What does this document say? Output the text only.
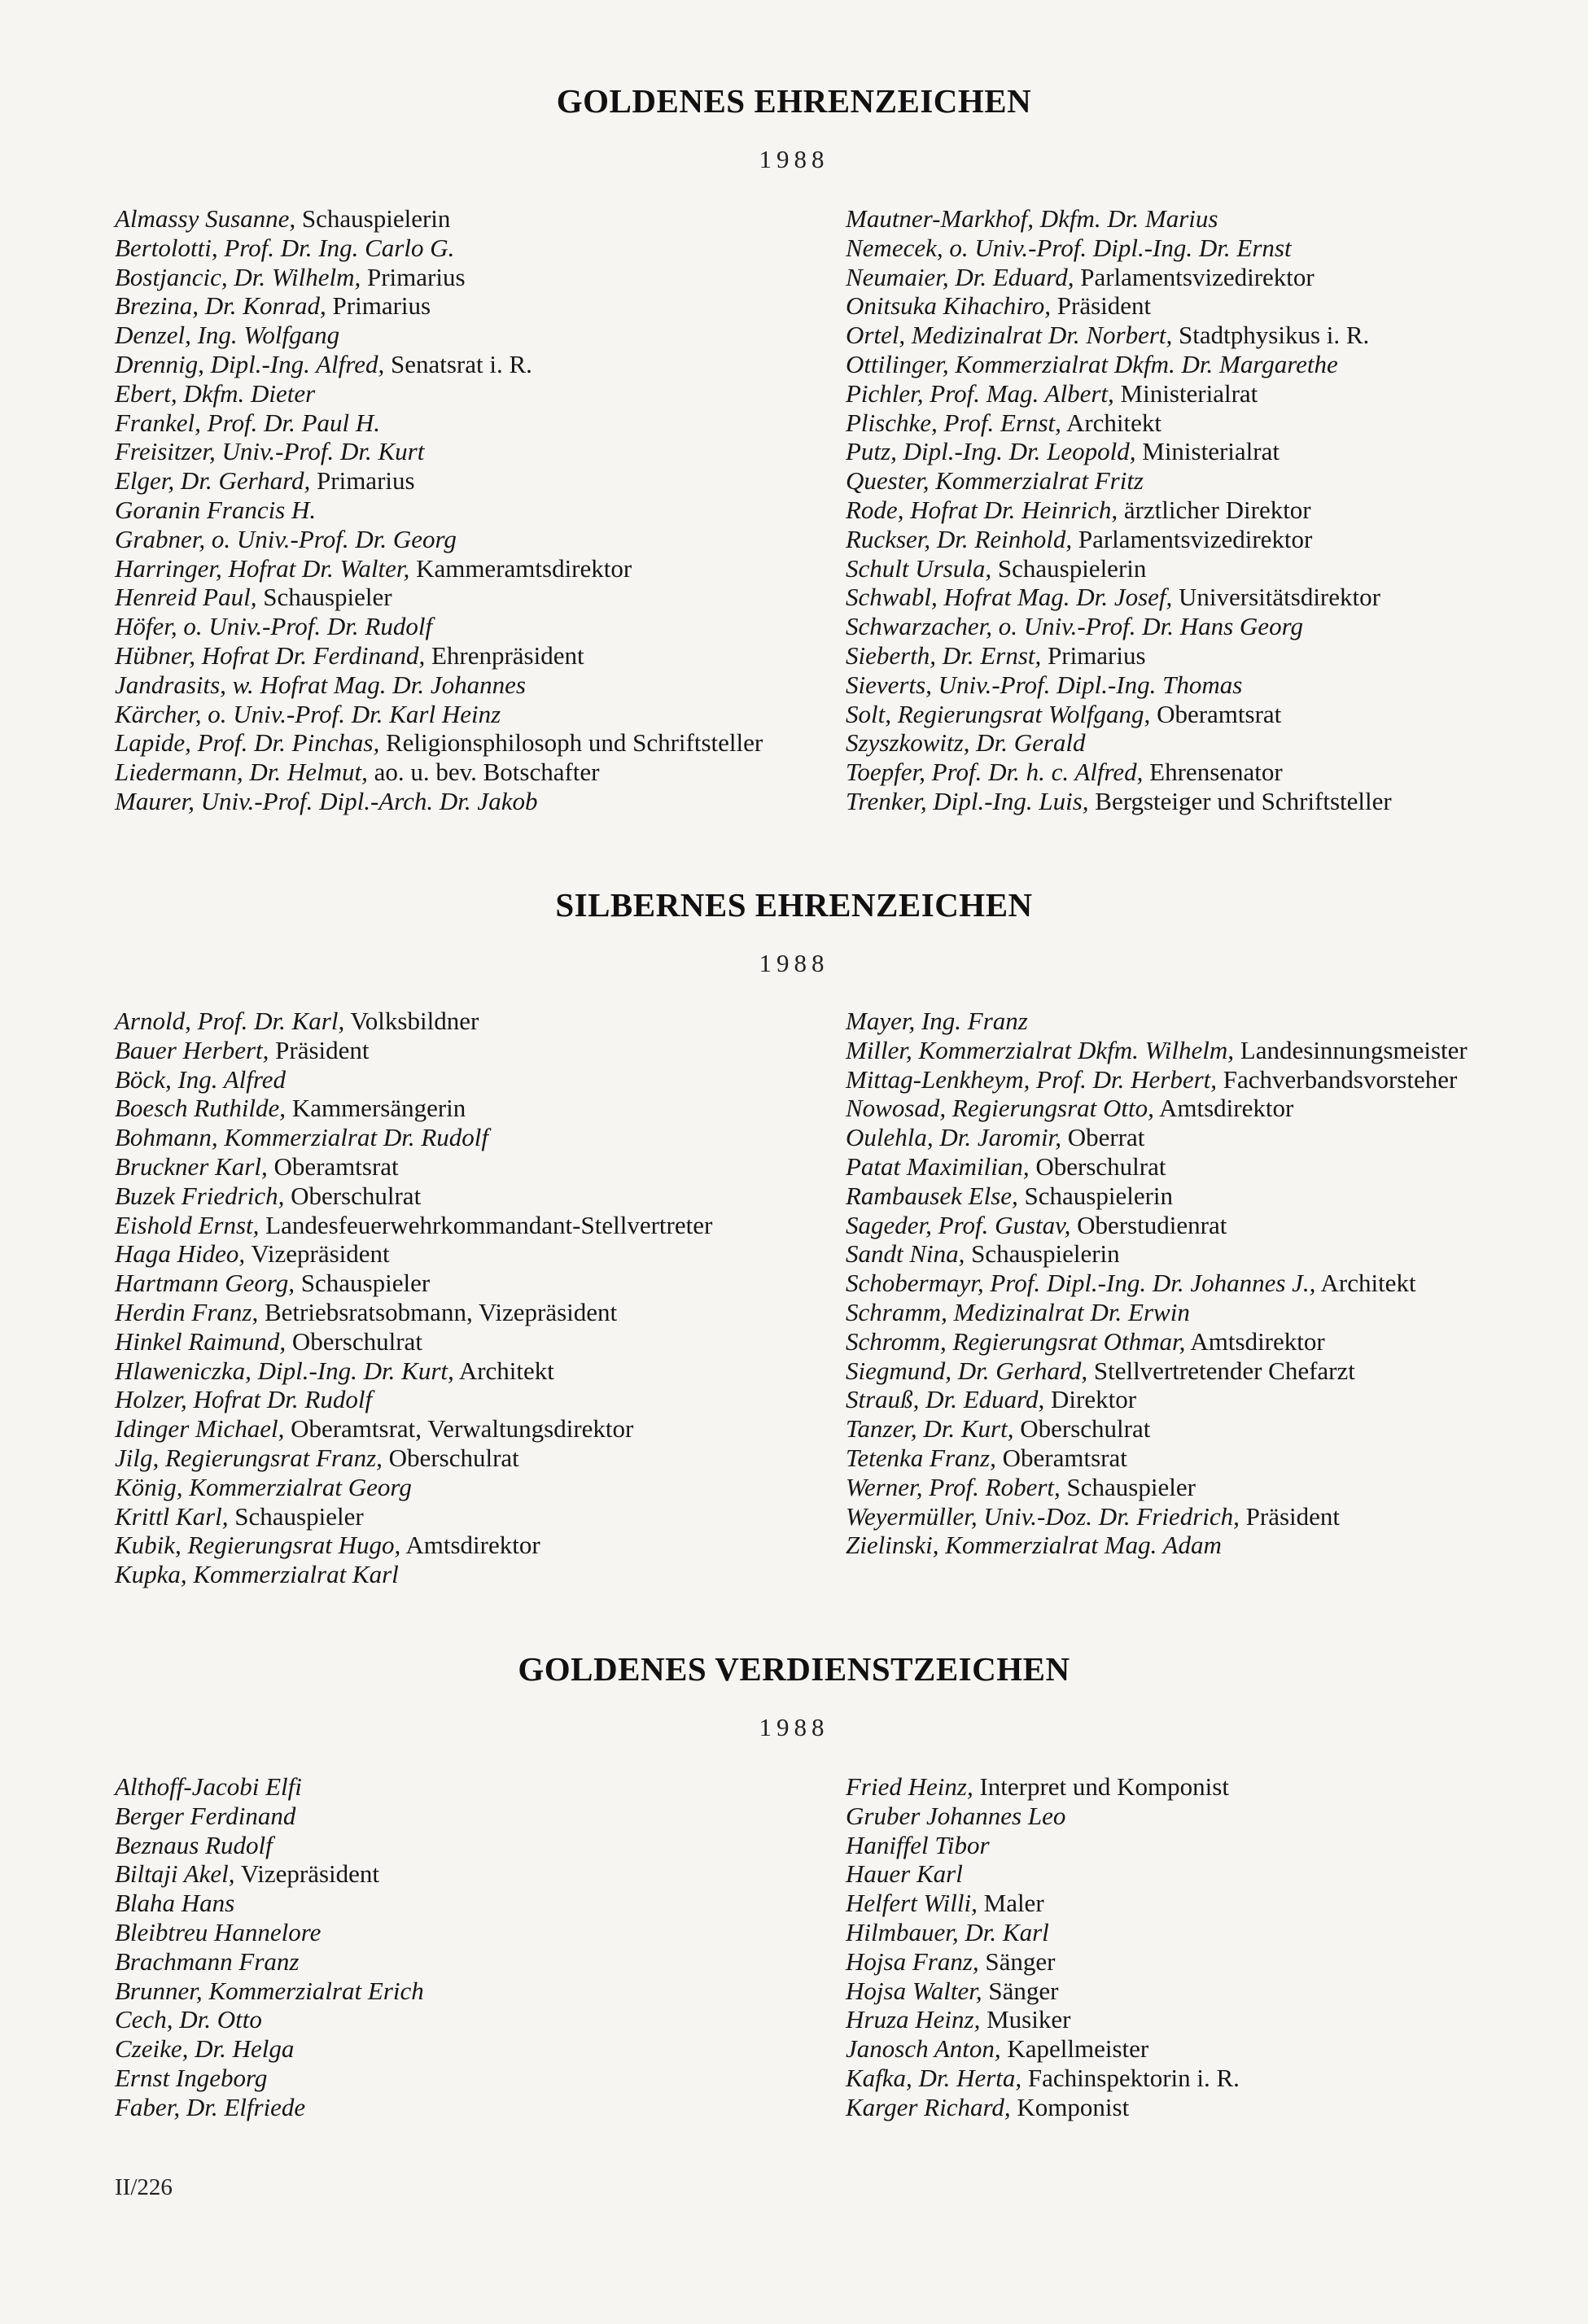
GOLDENES EHRENZEICHEN
1988
Almassy Susanne, Schauspielerin
Bertolotti, Prof. Dr. Ing. Carlo G.
Bostjancic, Dr. Wilhelm, Primarius
Brezina, Dr. Konrad, Primarius
Denzel, Ing. Wolfgang
Drennig, Dipl.-Ing. Alfred, Senatsrat i. R.
Ebert, Dkfm. Dieter
Frankel, Prof. Dr. Paul H.
Freisitzer, Univ.-Prof. Dr. Kurt
Elger, Dr. Gerhard, Primarius
Goranin Francis H.
Grabner, o. Univ.-Prof. Dr. Georg
Harringer, Hofrat Dr. Walter, Kammeramtsdirektor
Henreid Paul, Schauspieler
Höfer, o. Univ.-Prof. Dr. Rudolf
Hübner, Hofrat Dr. Ferdinand, Ehrenpräsident
Jandrasits, w. Hofrat Mag. Dr. Johannes
Kärcher, o. Univ.-Prof. Dr. Karl Heinz
Lapide, Prof. Dr. Pinchas, Religionsphilosoph und Schriftsteller
Liedermann, Dr. Helmut, ao. u. bev. Botschafter
Maurer, Univ.-Prof. Dipl.-Arch. Dr. Jakob
Mautner-Markhof, Dkfm. Dr. Marius
Nemecek, o. Univ.-Prof. Dipl.-Ing. Dr. Ernst
Neumaier, Dr. Eduard, Parlamentsvizedirektor
Onitsuka Kihachiro, Präsident
Ortel, Medizinalrat Dr. Norbert, Stadtphysikus i. R.
Ottilinger, Kommerzialrat Dkfm. Dr. Margarethe
Pichler, Prof. Mag. Albert, Ministerialrat
Plischke, Prof. Ernst, Architekt
Putz, Dipl.-Ing. Dr. Leopold, Ministerialrat
Quester, Kommerzialrat Fritz
Rode, Hofrat Dr. Heinrich, ärztlicher Direktor
Ruckser, Dr. Reinhold, Parlamentsvizedirektor
Schult Ursula, Schauspielerin
Schwabl, Hofrat Mag. Dr. Josef, Universitätsdirektor
Schwarzacher, o. Univ.-Prof. Dr. Hans Georg
Sieberth, Dr. Ernst, Primarius
Sieverts, Univ.-Prof. Dipl.-Ing. Thomas
Solt, Regierungsrat Wolfgang, Oberamtsrat
Szyszkowitz, Dr. Gerald
Toepfer, Prof. Dr. h. c. Alfred, Ehrensenator
Trenker, Dipl.-Ing. Luis, Bergsteiger und Schriftsteller
SILBERNES EHRENZEICHEN
1988
Arnold, Prof. Dr. Karl, Volksbildner
Bauer Herbert, Präsident
Böck, Ing. Alfred
Boesch Ruthilde, Kammersängerin
Bohmann, Kommerzialrat Dr. Rudolf
Bruckner Karl, Oberamtsrat
Buzek Friedrich, Oberschulrat
Eishold Ernst, Landesfeuerwehrkommandant-Stellvertreter
Haga Hideo, Vizepräsident
Hartmann Georg, Schauspieler
Herdin Franz, Betriebsratsobmann, Vizepräsident
Hinkel Raimund, Oberschulrat
Hlaweniczka, Dipl.-Ing. Dr. Kurt, Architekt
Holzer, Hofrat Dr. Rudolf
Idinger Michael, Oberamtsrat, Verwaltungsdirektor
Jilg, Regierungsrat Franz, Oberschulrat
König, Kommerzialrat Georg
Krittl Karl, Schauspieler
Kubik, Regierungsrat Hugo, Amtsdirektor
Kupka, Kommerzialrat Karl
Mayer, Ing. Franz
Miller, Kommerzialrat Dkfm. Wilhelm, Landesinnungsmeister
Mittag-Lenkheym, Prof. Dr. Herbert, Fachverbandsvorsteher
Nowosad, Regierungsrat Otto, Amtsdirektor
Oulehla, Dr. Jaromir, Oberrat
Patat Maximilian, Oberschulrat
Rambausek Else, Schauspielerin
Sageder, Prof. Gustav, Oberstudienrat
Sandt Nina, Schauspielerin
Schobermayr, Prof. Dipl.-Ing. Dr. Johannes J., Architekt
Schramm, Medizinalrat Dr. Erwin
Schromm, Regierungsrat Othmar, Amtsdirektor
Siegmund, Dr. Gerhard, Stellvertretender Chefarzt
Strauß, Dr. Eduard, Direktor
Tanzer, Dr. Kurt, Oberschulrat
Tetenka Franz, Oberamtsrat
Werner, Prof. Robert, Schauspieler
Weyermüller, Univ.-Doz. Dr. Friedrich, Präsident
Zielinski, Kommerzialrat Mag. Adam
GOLDENES VERDIENSTZEICHEN
1988
Althoff-Jacobi Elfi
Berger Ferdinand
Beznaus Rudolf
Biltaji Akel, Vizepräsident
Blaha Hans
Bleibtreu Hannelore
Brachmann Franz
Brunner, Kommerzialrat Erich
Cech, Dr. Otto
Czeike, Dr. Helga
Ernst Ingeborg
Faber, Dr. Elfriede
Fried Heinz, Interpret und Komponist
Gruber Johannes Leo
Haniffel Tibor
Hauer Karl
Helfert Willi, Maler
Hilmbauer, Dr. Karl
Hojsa Franz, Sänger
Hojsa Walter, Sänger
Hruza Heinz, Musiker
Janosch Anton, Kapellmeister
Kafka, Dr. Herta, Fachinspektorin i. R.
Karger Richard, Komponist
II/226
